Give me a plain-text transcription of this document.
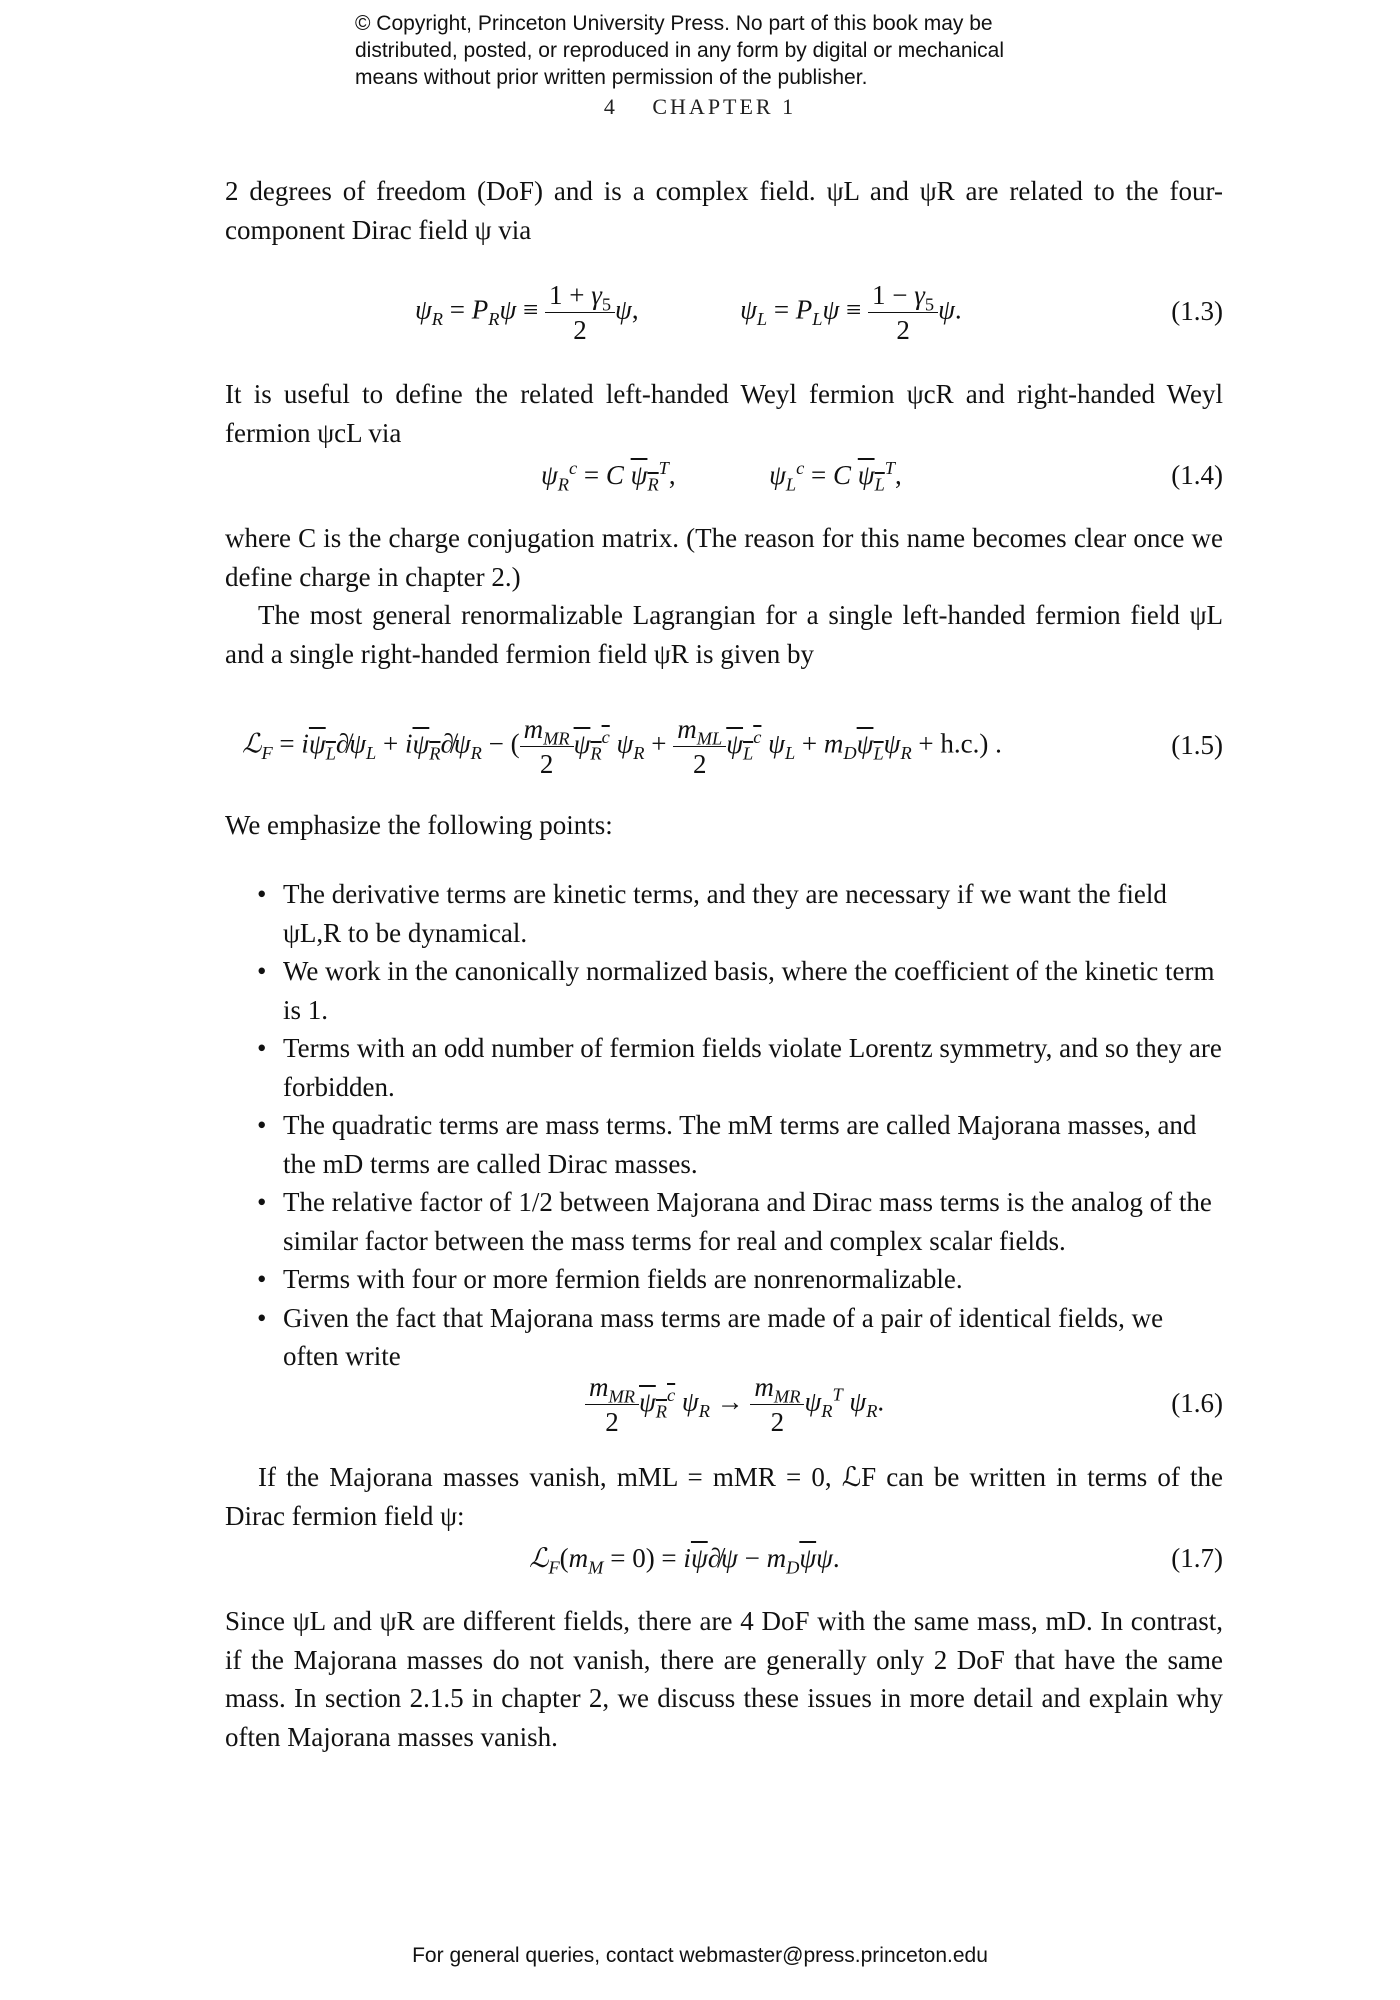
© Copyright, Princeton University Press. No part of this book may be
distributed, posted, or reproduced in any form by digital or mechanical
means without prior written permission of the publisher.
4 CHAPTER 1

2 degrees of freedom (DoF) and is a complex field. ψL and ψR are related to the four-component Dirac field ψ via

$\psi_R = P_R\psi \equiv \frac{1 + \gamma_5}{2} \psi$,	$\psi_L = P_L\psi \equiv \frac{1 - \gamma_5}{2} \psi$.	(1.3)

It is useful to define the related left-handed Weyl fermion ψcR and right-handed Weyl fermion ψcL via

$\psi_R^c = C$ $\psi_R^T$,	$\psi_L^c = C$ $\psi_L^T$,	(1.4)

where C is the charge conjugation matrix. (The reason for this name becomes clear once we define charge in chapter 2.)

The most general renormalizable Lagrangian for a single left-handed fermion field ψL and a single right-handed fermion field ψR is given by

ℒ$_F$ = $i\psi_L\partial̸\psi_L$ + $i\psi_R\partial̸\psi_R$ − ( $\frac{m_{MR}}{2} \psi_R^c$ $\psi_R + \frac{m_{ML}}{2} \psi_L^c$ $\psi_L + m_D\psi_L\psi_R + h.c$.) .	(1.5)

We emphasize the following points:

• The derivative terms are kinetic terms, and they are necessary if we want the field ψL,R to be dynamical.
• We work in the canonically normalized basis, where the coefficient of the kinetic term is 1.
• Terms with an odd number of fermion fields violate Lorentz symmetry, and so they are forbidden.
• The quadratic terms are mass terms. The mM terms are called Majorana masses, and the mD terms are called Dirac masses.
• The relative factor of 1/2 between Majorana and Dirac mass terms is the analog of the similar factor between the mass terms for real and complex scalar fields.
• Terms with four or more fermion fields are nonrenormalizable.
• Given the fact that Majorana mass terms are made of a pair of identical fields, we often write
$\frac{m_{MR}}{2} \psi_R^c$ $\psi_R \to \frac{m_{MR}}{2} \psi_R^T$ $\psi_R$.	(1.6)

If the Majorana masses vanish, mML = mMR = 0, ℒF can be written in terms of the Dirac fermion field ψ:

$ℒ_F(m_M = 0)$ = $i\overline{\psi}\partial̸\psi - m_D\overline{\psi}\psi$.	(1.7)

Since ψL and ψR are different fields, there are 4 DoF with the same mass, mD. In contrast, if the Majorana masses do not vanish, there are generally only 2 DoF that have the same mass. In section 2.1.5 in chapter 2, we discuss these issues in more detail and explain why often Majorana masses vanish.

For general queries, contact webmaster@press.princeton.edu
